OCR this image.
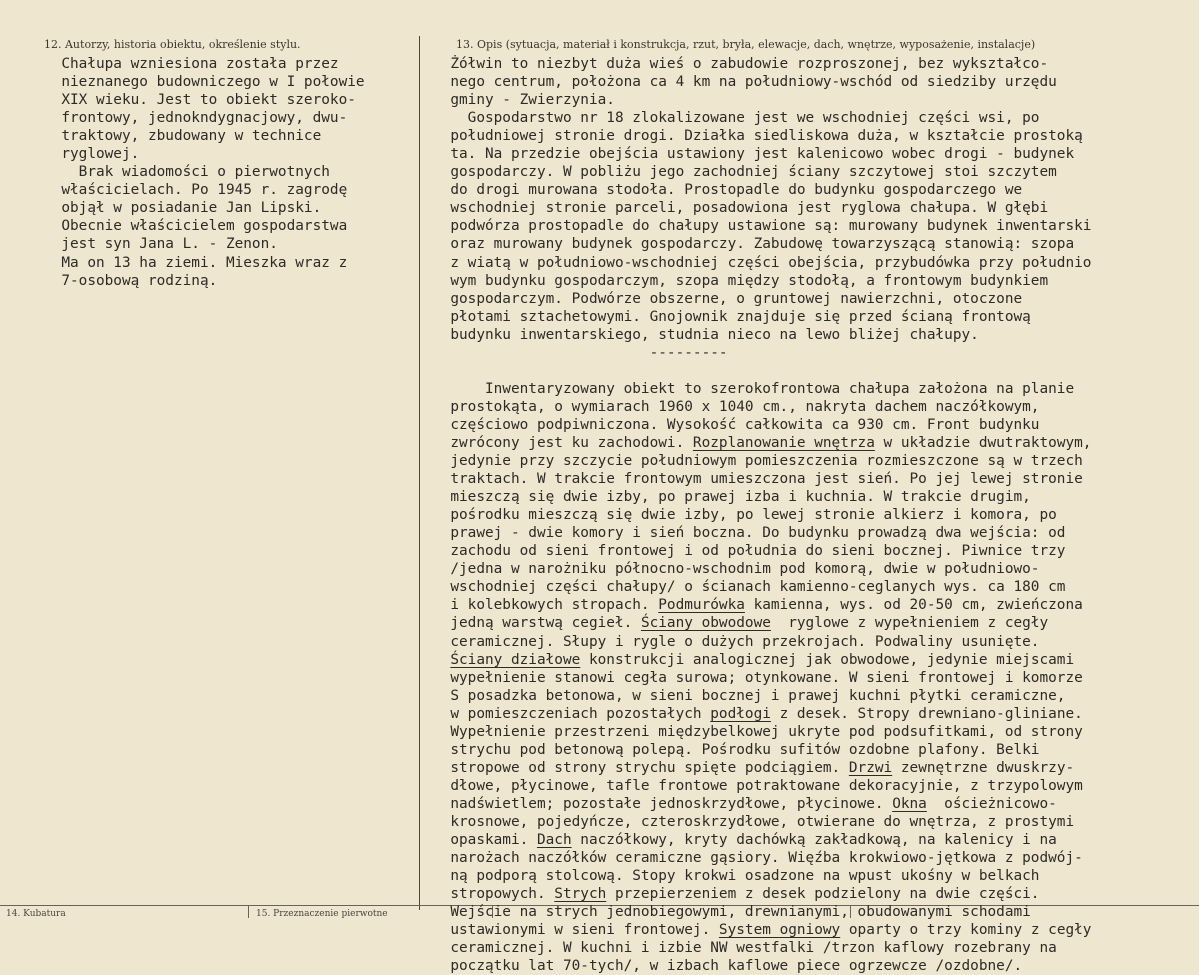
12. Autorzy, historia obiektu, określenie stylu.	13. Opis (sytuacja, materiał i konstrukcja, rzut, bryła, elewacje, dach, wnętrze, wyposażenie, instalacje)
Chałupa wzniesiona została przez
nieznanego budowniczego w I połowie
XIX wieku. Jest to obiekt szeroko-
frontowy, jednokndygnacjowy, dwu-
traktowy, zbudowany w technice
ryglowej.
Brak wiadomości o pierwotnych
właścicielach. Po 1945 r. zagrodę
objął w posiadanie Jan Lipski.
Obecnie właścicielem gospodarstwa
jest syn Jana L. - Zenon.
Ma on 13 ha ziemi. Mieszka wraz z
7-osobową rodziną.
Żółwin to niezbyt duża wieś o zabudowie rozproszonej, bez wykształco-
nego centrum, położona ca 4 km na południowy-wschód od siedziby urzędu
gminy - Zwierzynia.
Gospodarstwo nr 18 zlokalizowane jest we wschodniej części wsi, po
południowej stronie drogi. Działka siedliskowa duża, w kształcie prostoką
ta. Na przedzie obejścia ustawiony jest kalenicowo wobec drogi - budynek
gospodarczy. W pobliżu jego zachodniej ściany szczytowej stoi szczytem
do drogi murowana stodoła. Prostopadle do budynku gospodarczego we
wschodniej stronie parceli, posadowiona jest ryglowa chałupa. W głębi
podwórza prostopadle do chałupy ustawione są: murowany budynek inwentarski
oraz murowany budynek gospodarczy. Zabudowę towarzyszącą stanowią: szopa
z wiatą w południowo-wschodniej części obejścia, przybudówka przy południo
wym budynku gospodarczym, szopa między stodołą, a frontowym budynkiem
gospodarczym. Podwórze obszerne, o gruntowej nawierzchni, otoczone
płotami sztachetowymi. Gnojownik znajduje się przed ścianą frontową
budynku inwentarskiego, studnia nieco na lewo bliżej chałupy.
---------
Inwentaryzowany obiekt to szerokofrontowa chałupa założona na planie
prostokąta, o wymiarach 1960 x 1040 cm., nakryta dachem naczółkowym,
częściowo podpiwniczona. Wysokość całkowita ca 930 cm. Front budynku
zwrócony jest ku zachodowi. Rozplanowanie wnętrza w układzie dwutraktowym,
jedynie przy szczycie południowym pomieszczenia rozmieszczone są w trzech
traktach. W trakcie frontowym umieszczona jest sień. Po jej lewej stronie
mieszczą się dwie izby, po prawej izba i kuchnia. W trakcie drugim,
pośrodku mieszczą się dwie izby, po lewej stronie alkierz i komora, po
prawej - dwie komory i sień boczna. Do budynku prowadzą dwa wejścia: od
zachodu od sieni frontowej i od południa do sieni bocznej. Piwnice trzy
/jedna w narożniku północno-wschodnim pod komorą, dwie w południowo-
wschodniej części chałupy/ o ścianach kamienno-ceglanych wys. ca 180 cm
i kolebkowych stropach. Podmurówka kamienna, wys. od 20-50 cm, zwieńczona
jedną warstwą cegieł. Ściany obwodowe  ryglowe z wypełnieniem z cegły
ceramicznej. Słupy i rygle o dużych przekrojach. Podwaliny usunięte.
Ściany działowe konstrukcji analogicznej jak obwodowe, jedynie miejscami
wypełnienie stanowi cegła surowa; otynkowane. W sieni frontowej i komorze
S posadzka betonowa, w sieni bocznej i prawej kuchni płytki ceramiczne,
w pomieszczeniach pozostałych podłogi z desek. Stropy drewniano-gliniane.
Wypełnienie przestrzeni międzybelkowej ukryte pod podsufitkami, od strony
strychu pod betonową polepą. Pośrodku sufitów ozdobne plafony. Belki
stropowe od strony strychu spięte podciągiem. Drzwi zewnętrzne dwuskrzy-
dłowe, płycinowe, tafle frontowe potraktowane dekoracyjnie, z trzypolowym
nadświetlem; pozostałe jednoskrzydłowe, płycinowe. Okna  ościeżnicowo-
krosnowe, pojedyńcze, czteroskrzydłowe, otwierane do wnętrza, z prostymi
opaskami. Dach naczółkowy, kryty dachówką zakładkową, na kalenicy i na
narożach naczółków ceramiczne gąsiory. Więźba krokwiowo-jętkowa z podwój-
ną podporą stolcową. Stopy krokwi osadzone na wpust ukośny w belkach
stropowych. Strych przepierzeniem z desek podzielony na dwie części.
Wejście na strych jednobiegowymi, drewnianymi, obudowanymi schodami
ustawionymi w sieni frontowej. System ogniowy oparty o trzy kominy z cegły
ceramicznej. W kuchni i izbie NW westfalki /trzon kaflowy rozebrany na
początku lat 70-tych/, w izbach kaflowe piece ogrzewcze /ozdobne/.
14. Kubatura	15. Przeznaczenie pierwotne
